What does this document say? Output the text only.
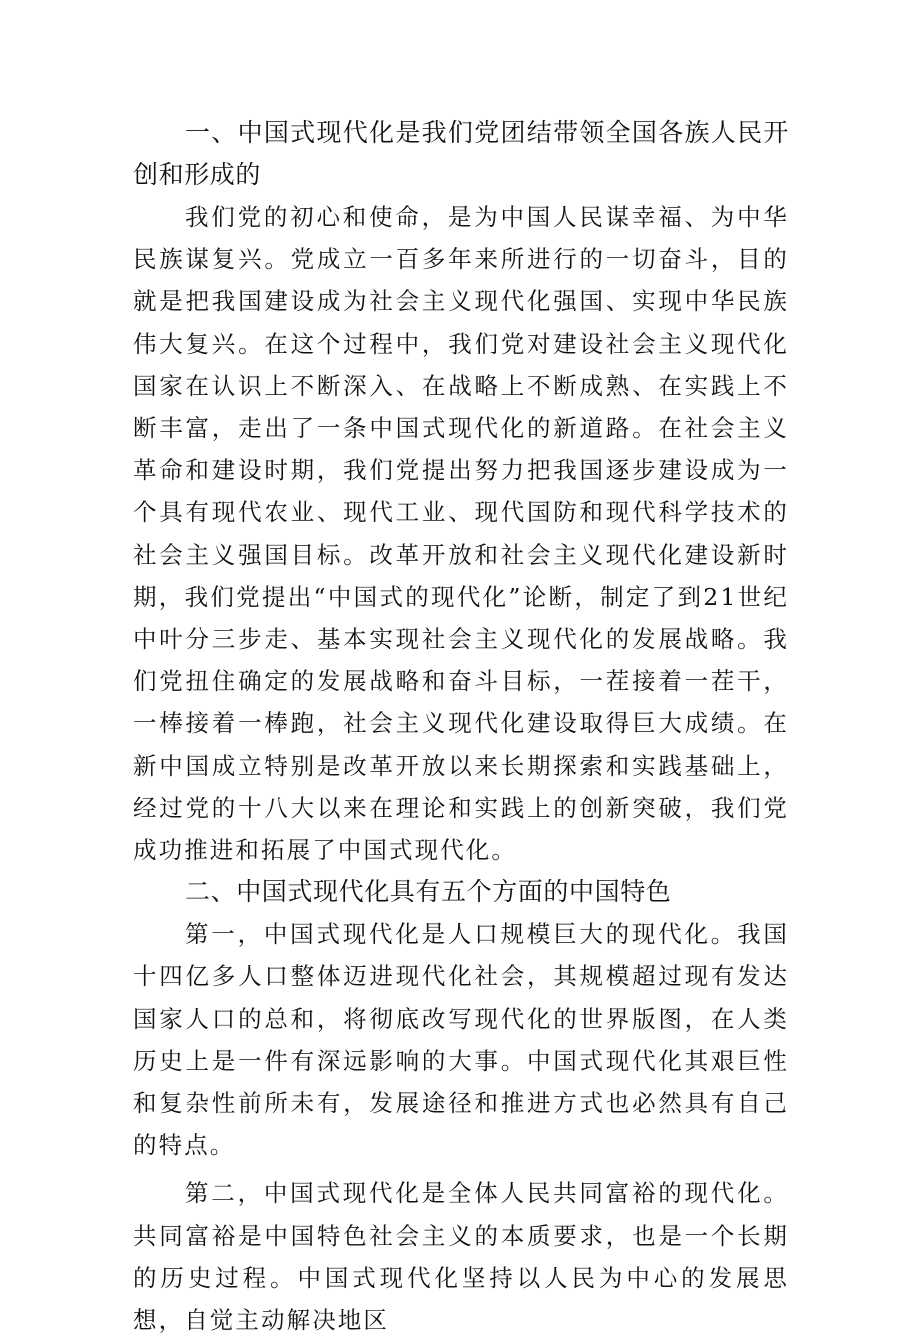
一、中国式现代化是我们党团结带领全国各族人民开创和形成的

我们党的初心和使命，是为中国人民谋幸福、为中华民族谋复兴。党成立一百多年来所进行的一切奋斗，目的就是把我国建设成为社会主义现代化强国、实现中华民族伟大复兴。在这个过程中，我们党对建设社会主义现代化国家在认识上不断深入、在战略上不断成熟、在实践上不断丰富，走出了一条中国式现代化的新道路。在社会主义革命和建设时期，我们党提出努力把我国逐步建设成为一个具有现代农业、现代工业、现代国防和现代科学技术的社会主义强国目标。改革开放和社会主义现代化建设新时期，我们党提出“中国式的现代化”论断，制定了到21世纪中叶分三步走、基本实现社会主义现代化的发展战略。我们党扭住确定的发展战略和奋斗目标，一茬接着一茬干，一棒接着一棒跑，社会主义现代化建设取得巨大成绩。在新中国成立特别是改革开放以来长期探索和实践基础上，经过党的十八大以来在理论和实践上的创新突破，我们党成功推进和拓展了中国式现代化。

二、中国式现代化具有五个方面的中国特色

第一，中国式现代化是人口规模巨大的现代化。我国十四亿多人口整体迈进现代化社会，其规模超过现有发达国家人口的总和，将彻底改写现代化的世界版图，在人类历史上是一件有深远影响的大事。中国式现代化其艰巨性和复杂性前所未有，发展途径和推进方式也必然具有自己的特点。

第二，中国式现代化是全体人民共同富裕的现代化。共同富裕是中国特色社会主义的本质要求，也是一个长期的历史过程。中国式现代化坚持以人民为中心的发展思想，自觉主动解决地区
